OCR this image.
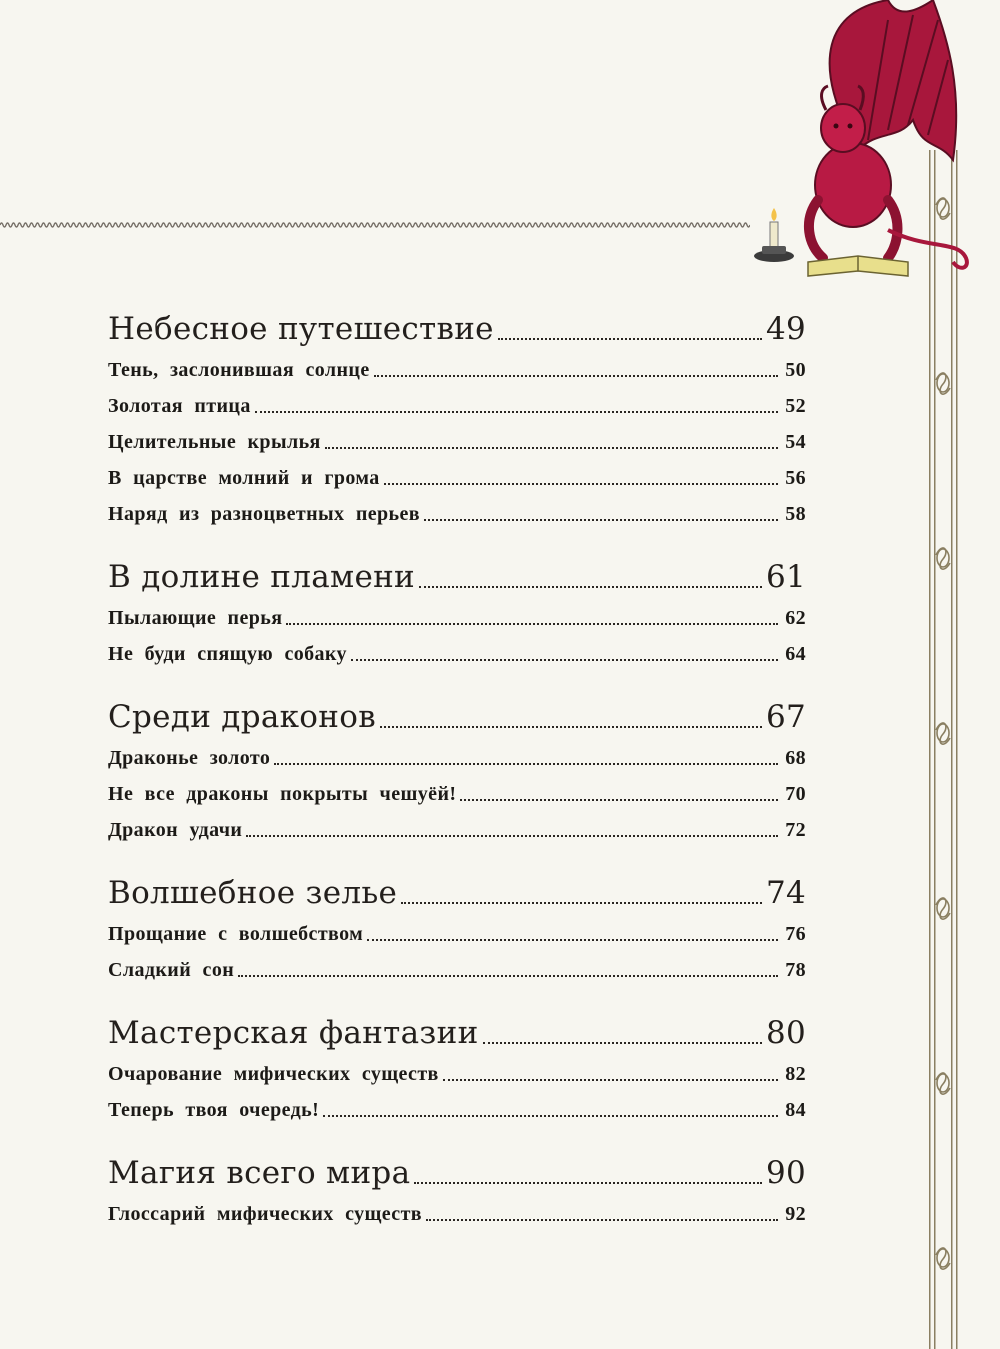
Небесное путешествие	49
Тень, заслонившая солнце	50
Золотая птица	52
Целительные крылья	54
В царстве молний и грома	56
Наряд из разноцветных перьев	58
В долине пламени	61
Пылающие перья	62
Не буди спящую собаку	64
Среди драконов	67
Драконье золото	68
Не все драконы покрыты чешуёй!	70
Дракон удачи	72
Волшебное зелье	74
Прощание с волшебством	76
Сладкий сон	78
Мастерская фантазии	80
Очарование мифических существ	82
Теперь твоя очередь!	84
Магия всего мира	90
Глоссарий мифических существ	92
